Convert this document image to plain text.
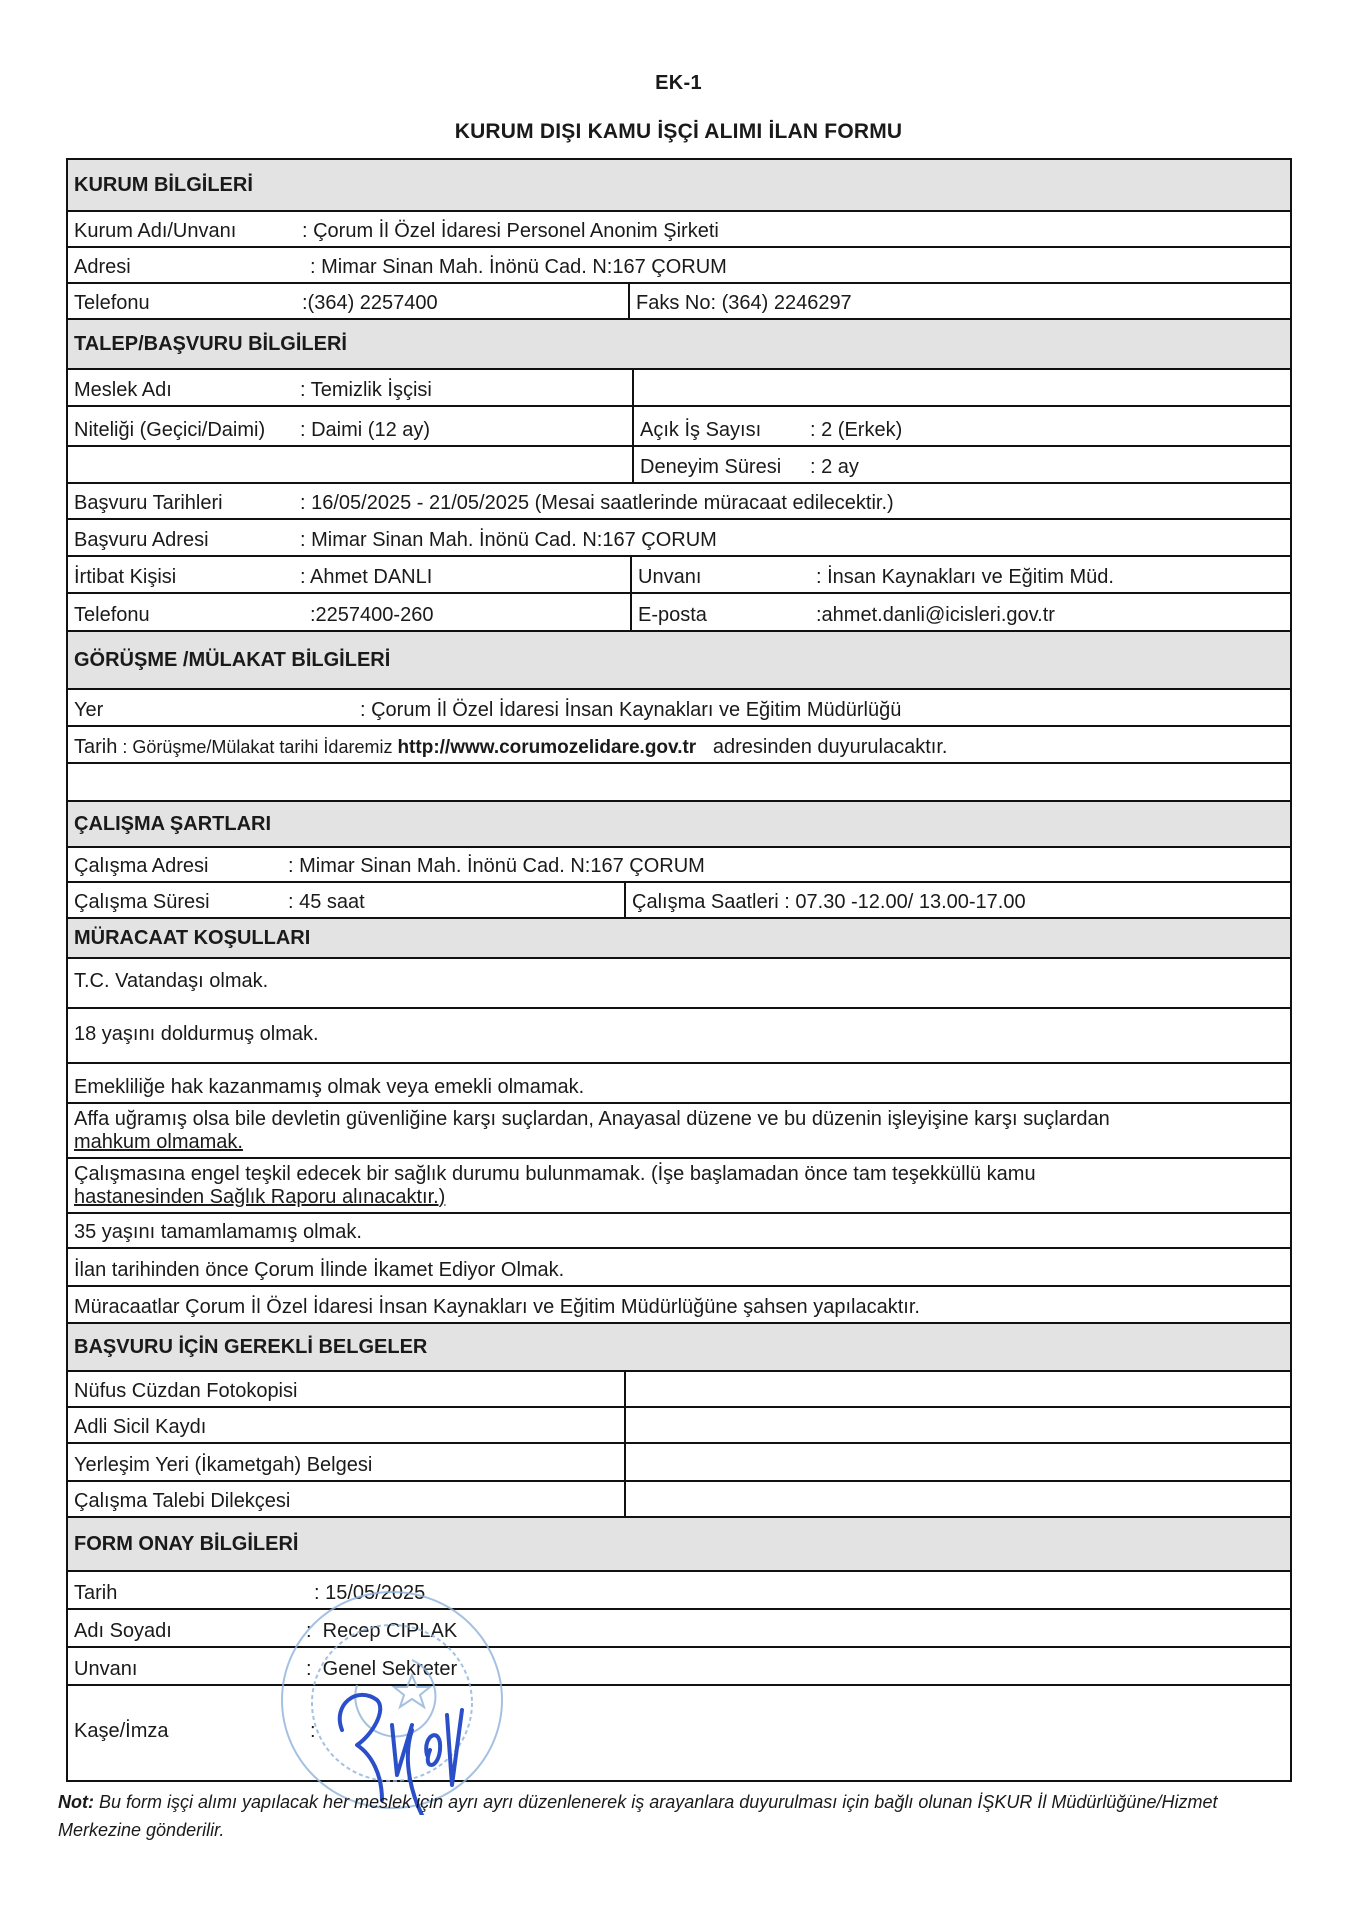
EK-1
KURUM DIŞI KAMU İŞÇİ ALIMI İLAN FORMU
KURUM BİLGİLERİ
Kurum Adı/Unvanı	: Çorum İl Özel İdaresi Personel Anonim Şirketi
Adresi	: Mimar Sinan Mah. İnönü Cad. N:167 ÇORUM
Telefonu	:(364) 2257400	Faks No: (364) 2246297
TALEP/BAŞVURU BİLGİLERİ
Meslek Adı	: Temizlik İşçisi
Niteliği (Geçici/Daimi)	: Daimi (12 ay)	Açık İş Sayısı	: 2 (Erkek)
Deneyim Süresi	: 2 ay
Başvuru Tarihleri	: 16/05/2025 - 21/05/2025 (Mesai saatlerinde müracaat edilecektir.)
Başvuru Adresi	: Mimar Sinan Mah. İnönü Cad. N:167 ÇORUM
İrtibat Kişisi	: Ahmet DANLI	Unvanı	: İnsan Kaynakları ve Eğitim Müd.
Telefonu	:2257400-260	E-posta	:ahmet.danli@icisleri.gov.tr
GÖRÜŞME /MÜLAKAT BİLGİLERİ
Yer	: Çorum İl Özel İdaresi İnsan Kaynakları ve Eğitim Müdürlüğü
Tarih : Görüşme/Mülakat tarihi İdaremiz http://www.corumozelidare.gov.tr   adresinden duyurulacaktır.
ÇALIŞMA ŞARTLARI
Çalışma Adresi	: Mimar Sinan Mah. İnönü Cad. N:167 ÇORUM
Çalışma Süresi	: 45 saat	Çalışma Saatleri : 07.30 -12.00/ 13.00-17.00
MÜRACAAT KOŞULLARI
T.C. Vatandaşı olmak.
18 yaşını doldurmuş olmak.
Emekliliğe hak kazanmamış olmak veya emekli olmamak.
Affa uğramış olsa bile devletin güvenliğine karşı suçlardan, Anayasal düzene ve bu düzenin işleyişine karşı suçlardan
mahkum olmamak.
Çalışmasına engel teşkil edecek bir sağlık durumu bulunmamak. (İşe başlamadan önce tam teşekküllü kamu
hastanesinden Sağlık Raporu alınacaktır.)
35 yaşını tamamlamamış olmak.
İlan tarihinden önce Çorum İlinde İkamet Ediyor Olmak.
Müracaatlar Çorum İl Özel İdaresi İnsan Kaynakları ve Eğitim Müdürlüğüne şahsen yapılacaktır.
BAŞVURU İÇİN GEREKLİ BELGELER
Nüfus Cüzdan Fotokopisi
Adli Sicil Kaydı
Yerleşim Yeri (İkametgah) Belgesi
Çalışma Talebi Dilekçesi
FORM ONAY BİLGİLERİ
Tarih	: 15/05/2025
Adı Soyadı	:  Recep CIPLAK
Unvanı	:  Genel Sekreter
Kaşe/İmza	:
Not: Bu form işçi alımı yapılacak her meslek için ayrı ayrı düzenlenerek iş arayanlara duyurulması için bağlı olunan İŞKUR İl Müdürlüğüne/Hizmet Merkezine gönderilir.
